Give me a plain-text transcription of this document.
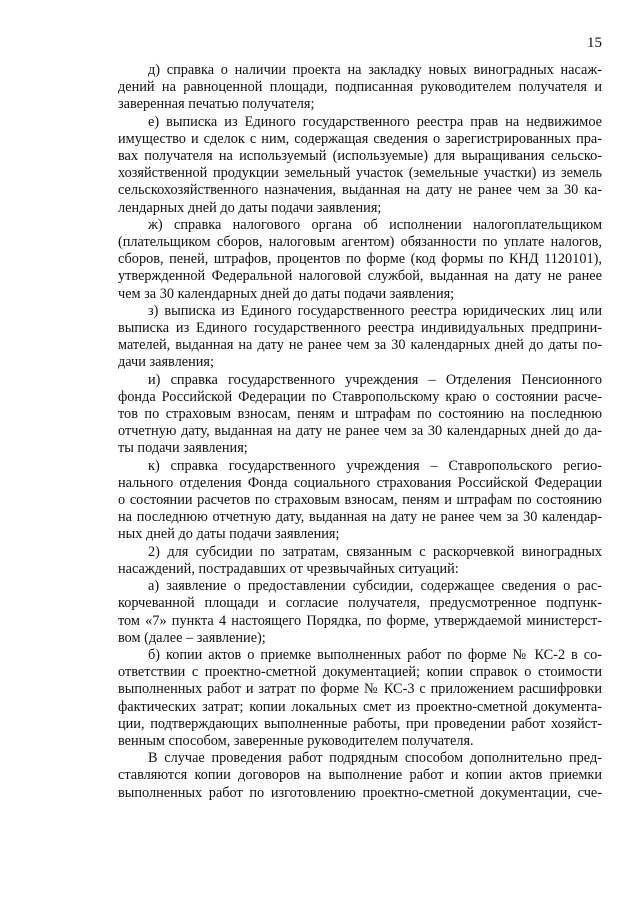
15
д) справка о наличии проекта на закладку новых виноградных насаж-
дений на равноценной площади, подписанная руководителем получателя и
заверенная печатью получателя;
е) выписка из Единого государственного реестра прав на недвижимое
имущество и сделок с ним, содержащая сведения о зарегистрированных пра-
вах получателя на используемый (используемые) для выращивания сельско-
хозяйственной продукции земельный участок (земельные участки) из земель
сельскохозяйственного назначения, выданная на дату не ранее чем за 30 ка-
лендарных дней до даты подачи заявления;
ж) справка налогового органа об исполнении налогоплательщиком
(плательщиком сборов, налоговым агентом) обязанности по уплате налогов,
сборов, пеней, штрафов, процентов по форме (код формы по КНД 1120101),
утвержденной Федеральной налоговой службой, выданная на дату не ранее
чем за 30 календарных дней до даты подачи заявления;
з) выписка из Единого государственного реестра юридических лиц или
выписка из Единого государственного реестра индивидуальных предприни-
мателей, выданная на дату не ранее чем за 30 календарных дней до даты по-
дачи заявления;
и) справка государственного учреждения – Отделения Пенсионного
фонда Российской Федерации по Ставропольскому краю о состоянии расче-
тов по страховым взносам, пеням и штрафам по состоянию на последнюю
отчетную дату, выданная на дату не ранее чем за 30 календарных дней до да-
ты подачи заявления;
к) справка государственного учреждения – Ставропольского регио-
нального отделения Фонда социального страхования Российской Федерации
о состоянии расчетов по страховым взносам, пеням и штрафам по состоянию
на последнюю отчетную дату, выданная на дату не ранее чем за 30 календар-
ных дней до даты подачи заявления;
2) для субсидии по затратам, связанным с раскорчевкой виноградных
насаждений, пострадавших от чрезвычайных ситуаций:
а) заявление о предоставлении субсидии, содержащее сведения о рас-
корчеванной площади и согласие получателя, предусмотренное подпунк-
том «7» пункта 4 настоящего Порядка, по форме, утверждаемой министерст-
вом (далее – заявление);
б) копии актов о приемке выполненных работ по форме № КС-2 в со-
ответствии с проектно-сметной документацией; копии справок о стоимости
выполненных работ и затрат по форме № КС-3 с приложением расшифровки
фактических затрат; копии локальных смет из проектно-сметной документа-
ции, подтверждающих выполненные работы, при проведении работ хозяйст-
венным способом, заверенные руководителем получателя.
В случае проведения работ подрядным способом дополнительно пред-
ставляются копии договоров на выполнение работ и копии актов приемки
выполненных работ по изготовлению проектно-сметной документации, сче-
